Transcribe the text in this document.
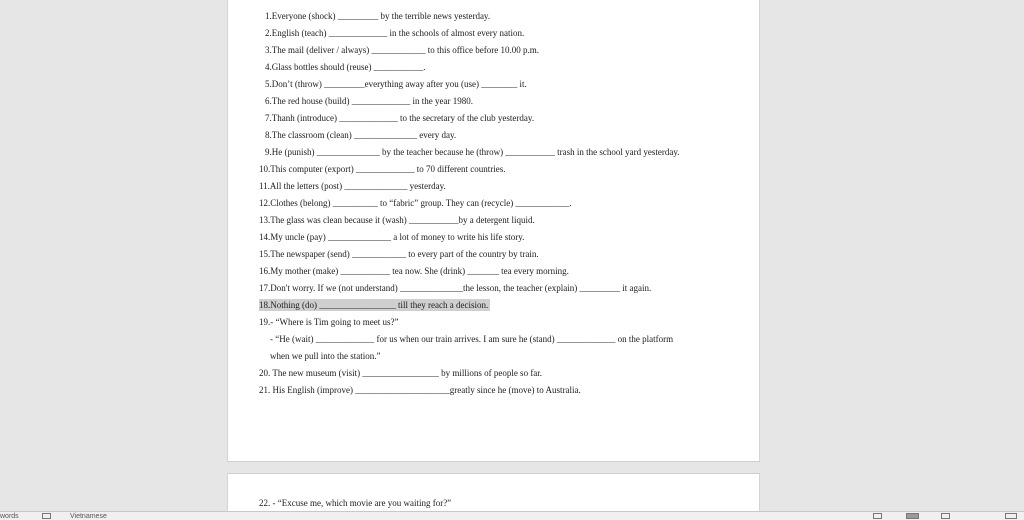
1.Everyone (shock) _________ by the terrible news yesterday.
2.English (teach) _____________ in the schools of almost every nation.
3.The mail (deliver / always) ____________ to this office before 10.00 p.m.
4.Glass bottles should (reuse) ___________.
5.Don’t (throw) _________everything away after you (use) ________ it.
6.The red house (build) _____________ in the year 1980.
7.Thanh (introduce) _____________ to the secretary of the club yesterday.
8.The classroom (clean) ______________ every day.
9.He (punish) ______________ by the teacher because he (throw) ___________ trash in the school yard yesterday.
10.This computer (export) _____________ to 70 different countries.
11.All the letters (post) ______________ yesterday.
12.Clothes (belong) __________ to “fabric” group. They can (recycle) ____________.
13.The glass was clean because it (wash) ___________by a detergent liquid.
14.My uncle (pay) ______________ a lot of money to write his life story.
15.The newspaper (send) ____________ to every part of the country by train.
16.My mother (make) ___________ tea now. She (drink) _______ tea every morning.
17.Don't worry. If we (not understand) ______________the lesson, the teacher (explain) _________ it again.
18.Nothing (do) _________________ till they reach a decision.
19.- “Where is Tim going to meet us?”
- “He (wait) _____________ for us when our train arrives. I am sure he (stand) _____________ on the platform
when we pull into the station.”
20. The new museum (visit) _________________ by millions of people so far.
21. His English (improve) _____________________greatly since he (move) to Australia.
22. - “Excuse me, which movie are you waiting for?”
words	Vietnamese
